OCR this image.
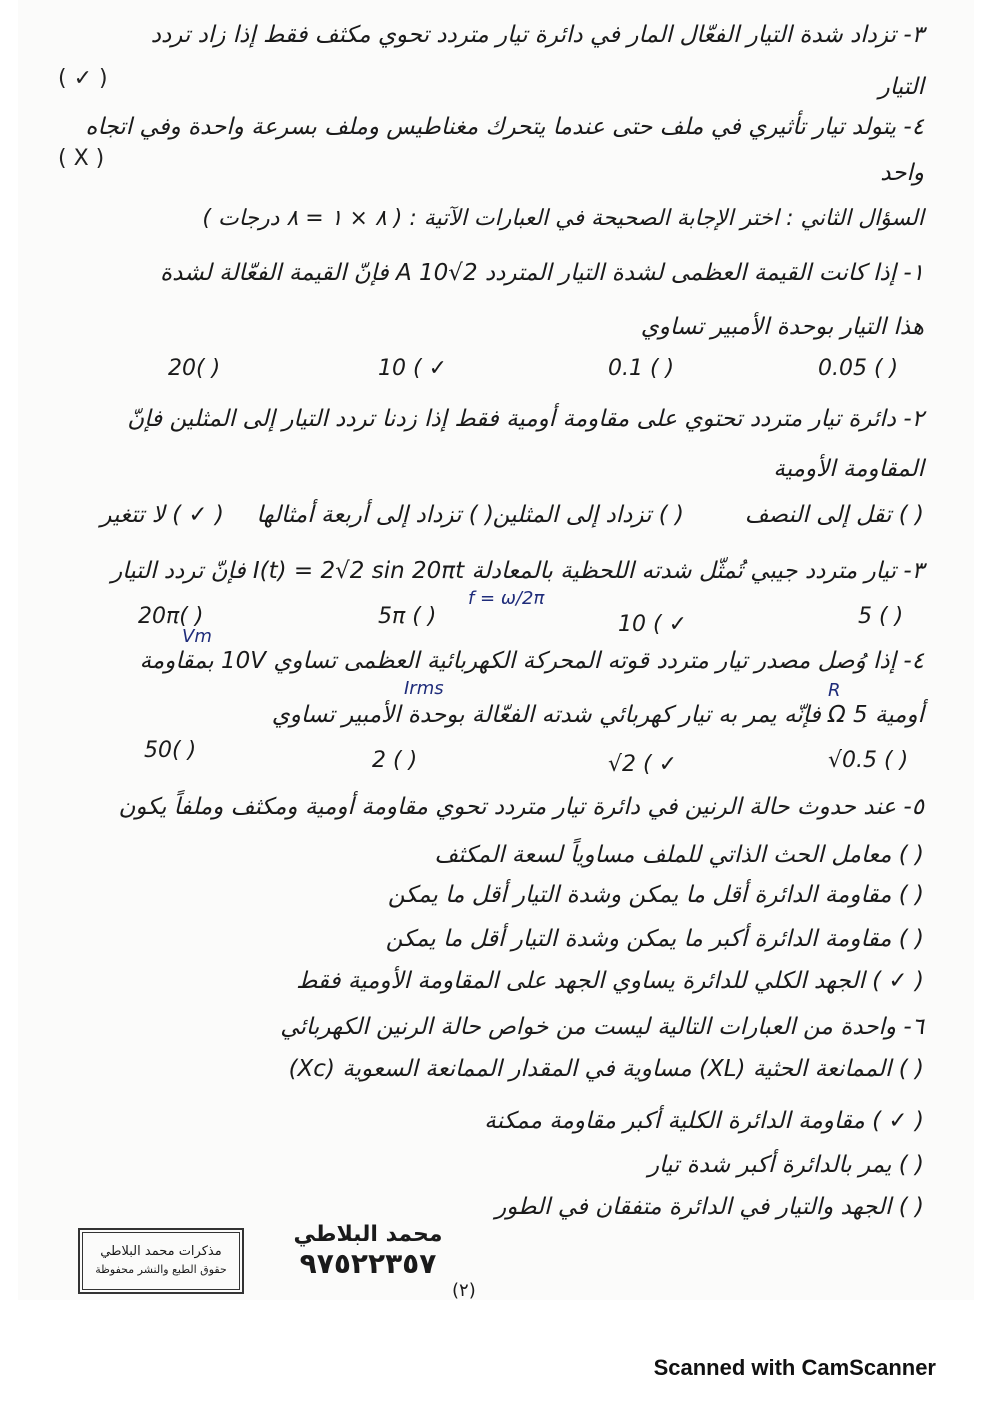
٣- تزداد شدة التيار الفعّال المار في دائرة تيار متردد تحوي مكثف فقط إذا زاد تردد
التيار
( ✓ )
٤- يتولد تيار تأثيري في ملف حتى عندما يتحرك مغناطيس وملف بسرعة واحدة وفي اتجاه
( X )
واحد
السؤال الثاني : اختر الإجابة الصحيحة في العبارات الآتية : ( ٨ × ١ = ٨ درجات )
١- إذا كانت القيمة العظمى لشدة التيار المتردد A 10√2 فإنّ القيمة الفعّالة لشدة
هذا التيار بوحدة الأمبير تساوي
20( )	10 ( ✓	0.1 ( )	0.05 ( )
٢- دائرة تيار متردد تحتوي على مقاومة أومية فقط إذا زدنا تردد التيار إلى المثلين فإنّ
المقاومة الأومية
( ) تقل إلى النصف
( ) تزداد إلى المثلين
( ) تزداد إلى أربعة أمثالها
( ✓ ) لا تتغير
٣- تيار متردد جيبي تُمثّل شدته اللحظية بالمعادلة I(t) = 2√2 sin 20πt فإنّ تردد التيار
f = ω/2π
20π( )	5π ( )	10 ( ✓	5 ( )
Vm
٤- إذا وُصل مصدر تيار متردد قوته المحركة الكهربائية العظمى تساوي 10V بمقاومة
Irms	R
أومية Ω 5 فإنّه يمر به تيار كهربائي شدته الفعّالة بوحدة الأمبير تساوي
50( )	2 ( )	√2 ( ✓	√0.5 ( )
٥- عند حدوث حالة الرنين في دائرة تيار متردد تحوي مقاومة أومية ومكثف وملفاً يكون
( ) معامل الحث الذاتي للملف مساوياً لسعة المكثف
( ) مقاومة الدائرة أقل ما يمكن وشدة التيار أقل ما يمكن
( ) مقاومة الدائرة أكبر ما يمكن وشدة التيار أقل ما يمكن
( ✓ ) الجهد الكلي للدائرة يساوي الجهد على المقاومة الأومية فقط
٦- واحدة من العبارات التالية ليست من خواص حالة الرنين الكهربائي
( ) الممانعة الحثية (XL) مساوية في المقدار الممانعة السعوية (Xc)
( ✓ ) مقاومة الدائرة الكلية أكبر مقاومة ممكنة
( ) يمر بالدائرة أكبر شدة تيار
( ) الجهد والتيار في الدائرة متفقان في الطور
مذكرات محمد البلاطي
حقوق الطبع والنشر محفوظة
محمد البلاطي
٩٧٥٢٢٣٥٧
(٢)
Scanned with CamScanner
